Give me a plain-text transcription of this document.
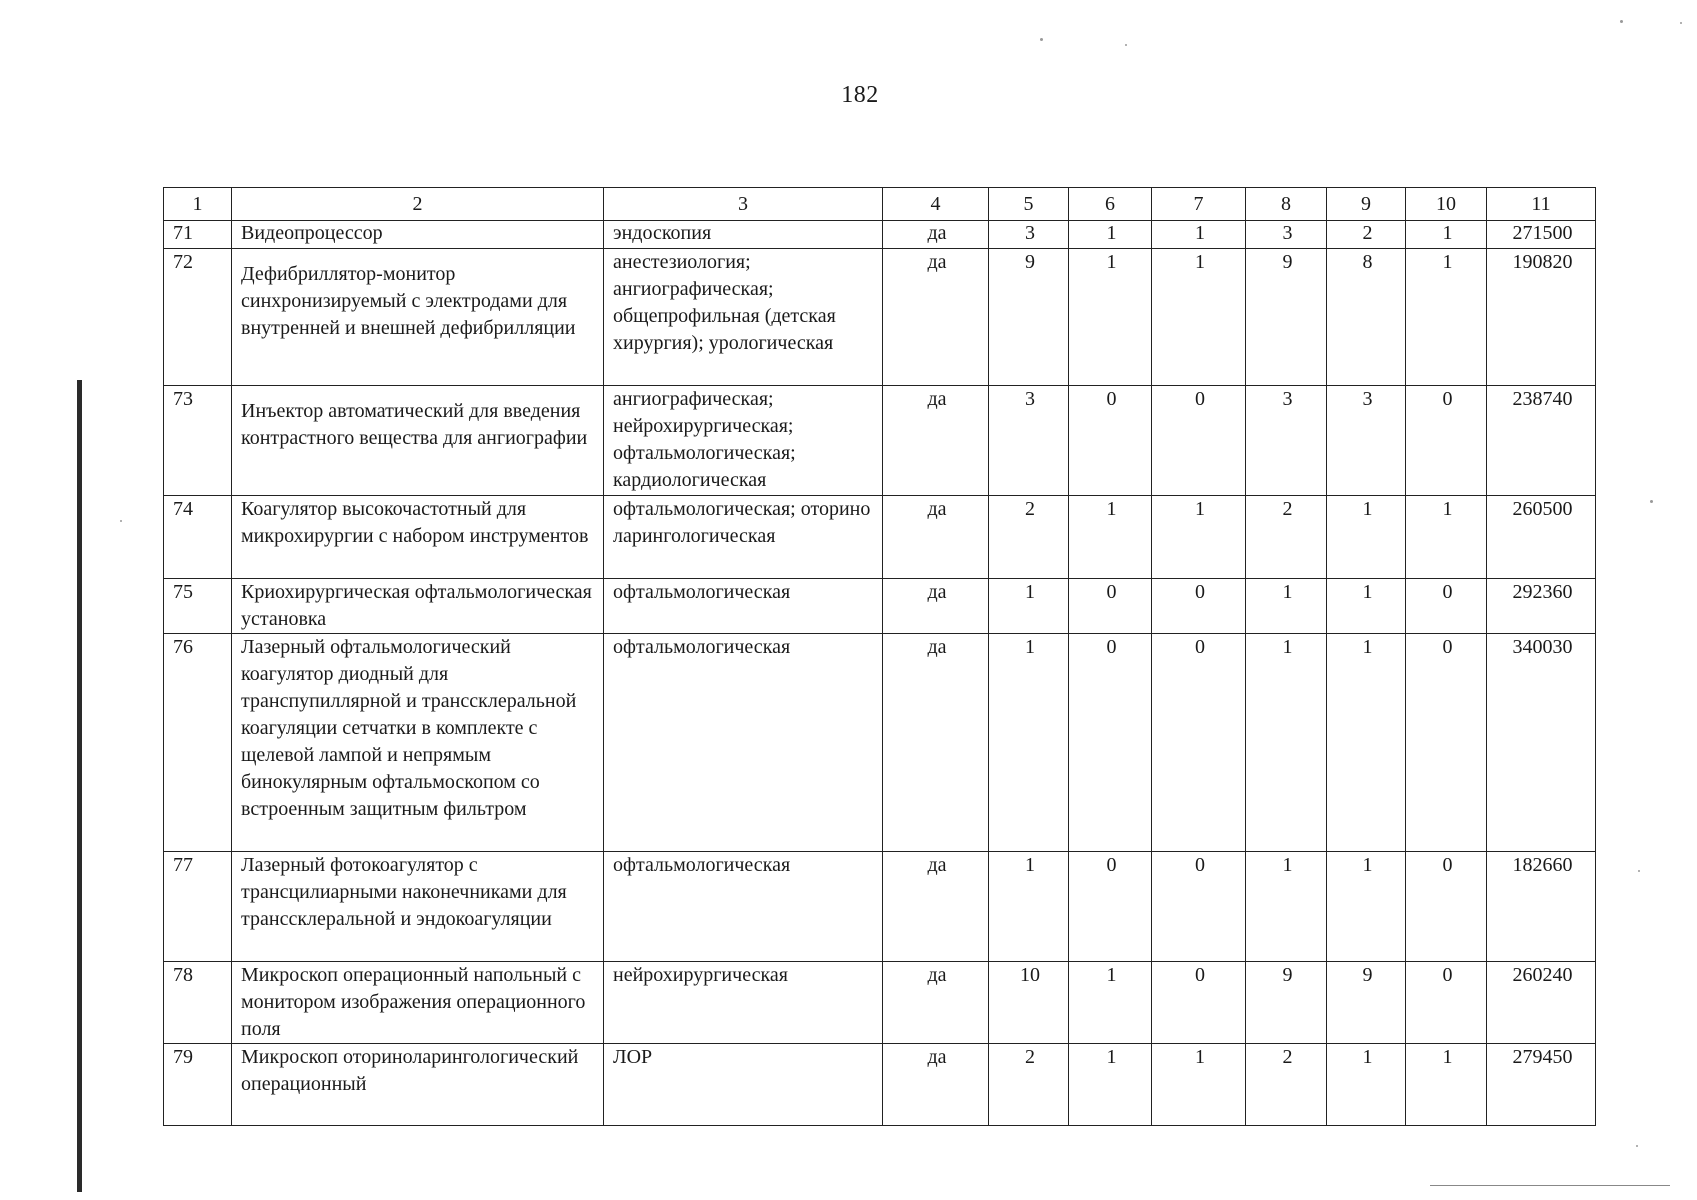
182
1	2	3	4	5	6	7	8	9	10	11
71	Видеопроцессор	эндоскопия	да	3	1	1	3	2	1	271500
72	Дефибриллятор-монитор синхронизируемый с электродами для внутренней и внешней дефибрилляции	анестезиология; ангиографическая; общепрофильная (детская хирургия); урологическая	да	9	1	1	9	8	1	190820
73	Инъектор автоматический для введения контрастного вещества для ангиографии	ангиографическая; нейрохирургическая; офтальмологическая; кардиологическая	да	3	0	0	3	3	0	238740
74	Коагулятор высокочастотный для микрохирургии с набором инструментов	офтальмологическая; оториноларингологическая	да	2	1	1	2	1	1	260500
75	Криохирургическая офтальмологическая установка	офтальмологическая	да	1	0	0	1	1	0	292360
76	Лазерный офтальмологический коагулятор диодный для транспупиллярной и транссклеральной коагуляции сетчатки в комплекте с щелевой лампой и непрямым бинокулярным офтальмоскопом со встроенным защитным фильтром	офтальмологическая	да	1	0	0	1	1	0	340030
77	Лазерный фотокоагулятор с трансцилиарными наконечниками для транссклеральной и эндокоагуляции	офтальмологическая	да	1	0	0	1	1	0	182660
78	Микроскоп операционный напольный с монитором изображения операционного поля	нейрохирургическая	да	10	1	0	9	9	0	260240
79	Микроскоп оториноларингологический операционный	ЛОР	да	2	1	1	2	1	1	279450
